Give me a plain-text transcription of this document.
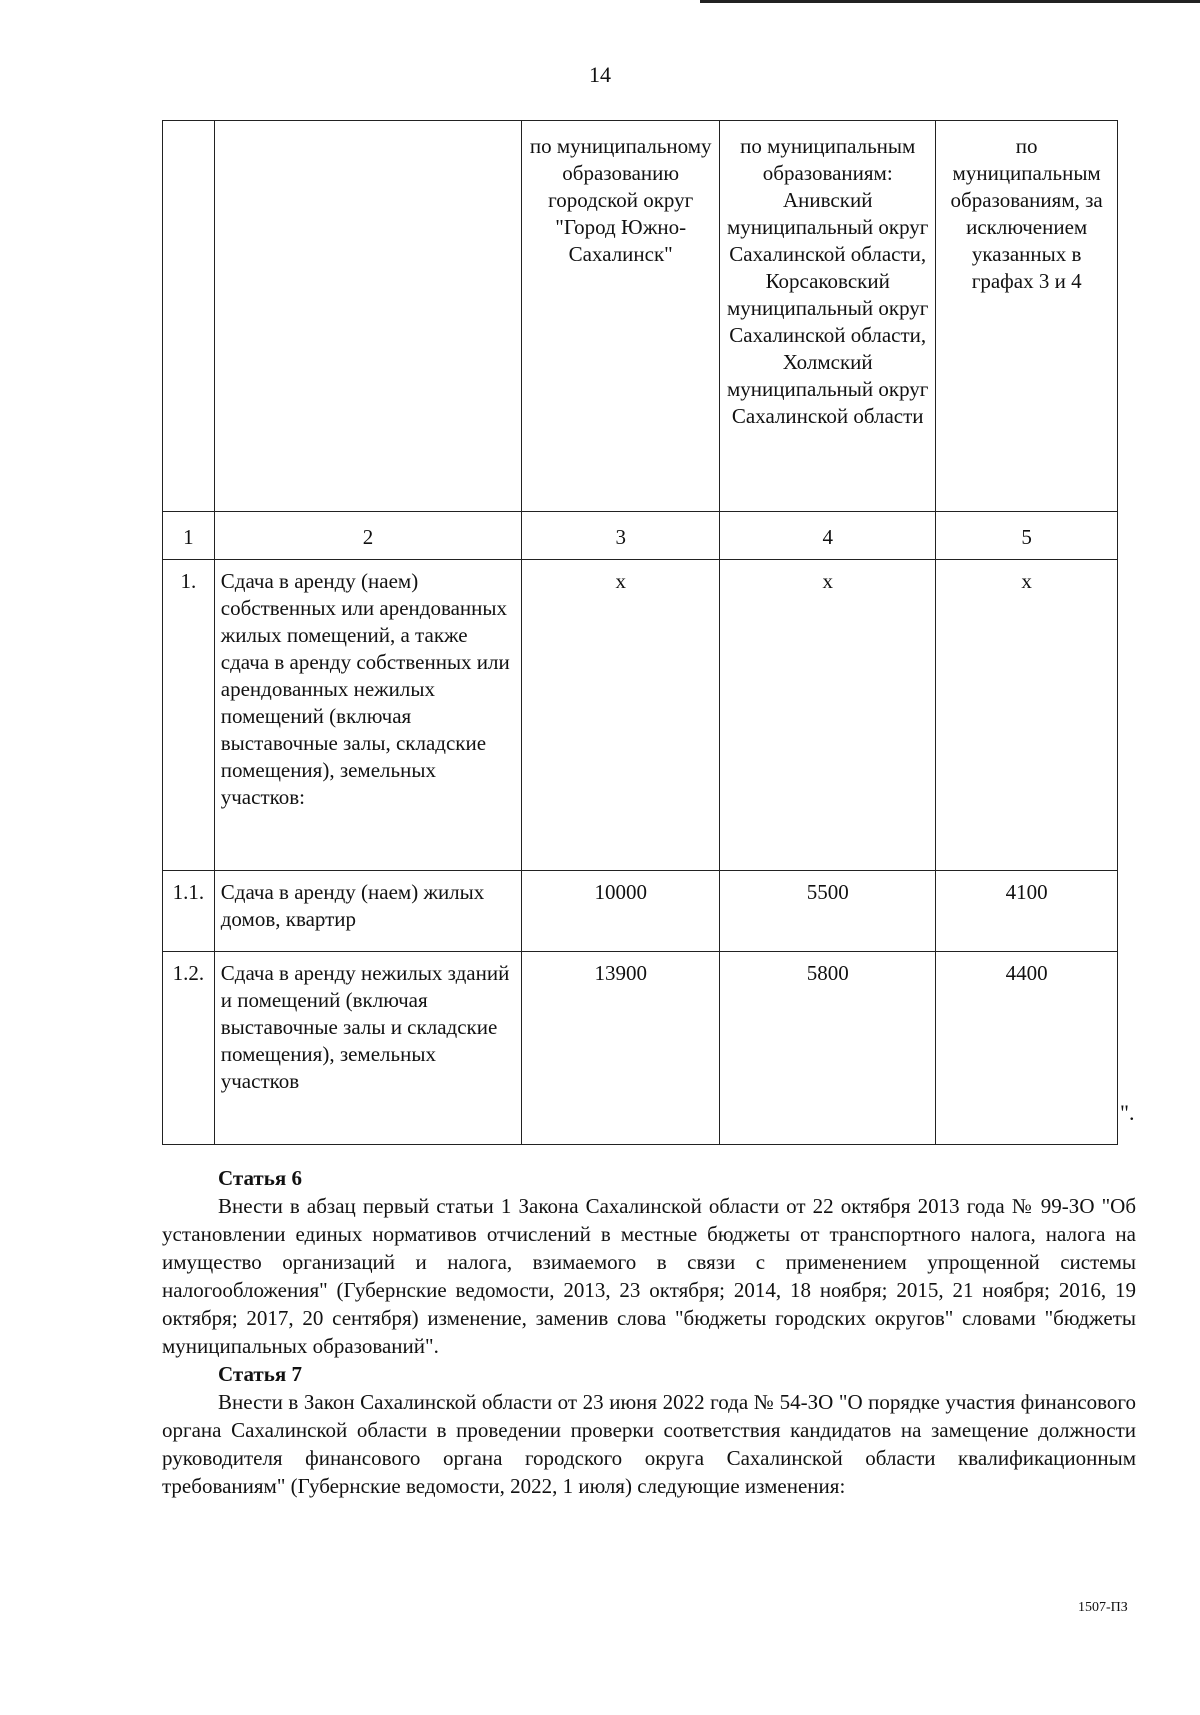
14
		по муниципальному образованию городской округ "Город Южно-Сахалинск"	по муниципальным образованиям: Анивский муниципальный округ Сахалинской области, Корсаковский муниципальный округ Сахалинской области, Холмский муниципальный округ Сахалинской области	по муниципальным образованиям, за исключением указанных в графах 3 и 4
1	2	3	4	5
1.	Сдача в аренду (наем) собственных или арендованных жилых помещений, а также сдача в аренду собственных или арендованных нежилых помещений (включая выставочные залы, складские помещения), земельных участков:	х	х	х
1.1.	Сдача в аренду (наем) жилых домов, квартир	10000	5500	4100
1.2.	Сдача в аренду нежилых зданий и помещений (включая выставочные залы и складские помещения), земельных участков	13900	5800	4400
".
Статья 6

Внести в абзац первый статьи 1 Закона Сахалинской области от 22 октября 2013 года № 99-ЗО "Об установлении единых нормативов отчислений в местные бюджеты от транспортного налога, налога на имущество организаций и налога, взимаемого в связи с применением упрощенной системы налогообложения" (Губернские ведомости, 2013, 23 октября; 2014, 18 ноября; 2015, 21 ноября; 2016, 19 октября; 2017, 20 сентября) изменение, заменив слова "бюджеты городских округов" словами "бюджеты муниципальных образований".

Статья 7

Внести в Закон Сахалинской области от 23 июня 2022 года № 54-ЗО "О порядке участия финансового органа Сахалинской области в проведении проверки соответствия кандидатов на замещение должности руководителя финансового органа городского округа Сахалинской области квалификационным требованиям" (Губернские ведомости, 2022, 1 июля) следующие изменения:

1507-ПЗ
